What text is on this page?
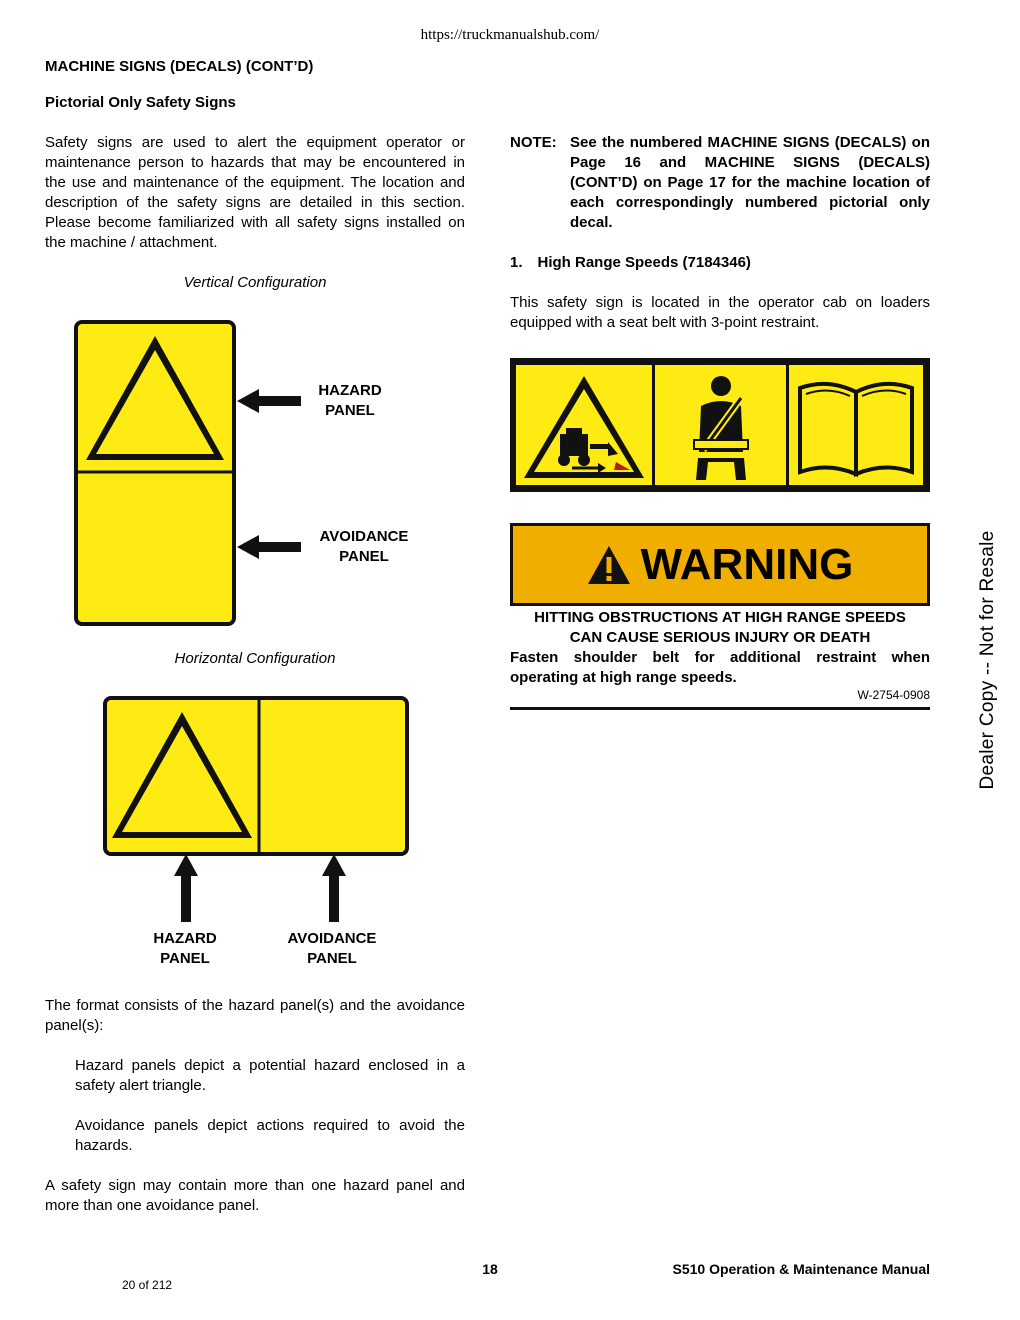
https://truckmanualshub.com/
MACHINE SIGNS (DECALS) (CONT’D)
Pictorial Only Safety Signs
Safety signs are used to alert the equipment operator or maintenance person to hazards that may be encountered in the use and maintenance of the equipment. The location and description of the safety signs are detailed in this section. Please become familiarized with all safety signs installed on the machine / attachment.
Vertical Configuration
HAZARD
PANEL
AVOIDANCE
PANEL
Horizontal Configuration
HAZARD
PANEL
AVOIDANCE
PANEL
The format consists of the hazard panel(s) and the avoidance panel(s):
Hazard panels depict a potential hazard enclosed in a safety alert triangle.
Avoidance panels depict actions required to avoid the hazards.
A safety sign may contain more than one hazard panel and more than one avoidance panel.
NOTE: See the numbered MACHINE SIGNS (DECALS) on Page 16 and MACHINE SIGNS (DECALS) (CONT’D) on Page 17 for the machine location of each correspondingly numbered pictorial only decal.
1. High Range Speeds (7184346)
This safety sign is located in the operator cab on loaders equipped with a seat belt with 3-point restraint.
WARNING
HITTING OBSTRUCTIONS AT HIGH RANGE SPEEDS
CAN CAUSE SERIOUS INJURY OR DEATH
Fasten shoulder belt for additional restraint when operating at high range speeds.
W-2754-0908 Dealer Copy -- Not for Resale
18	S510 Operation & Maintenance Manual
20 of 212
